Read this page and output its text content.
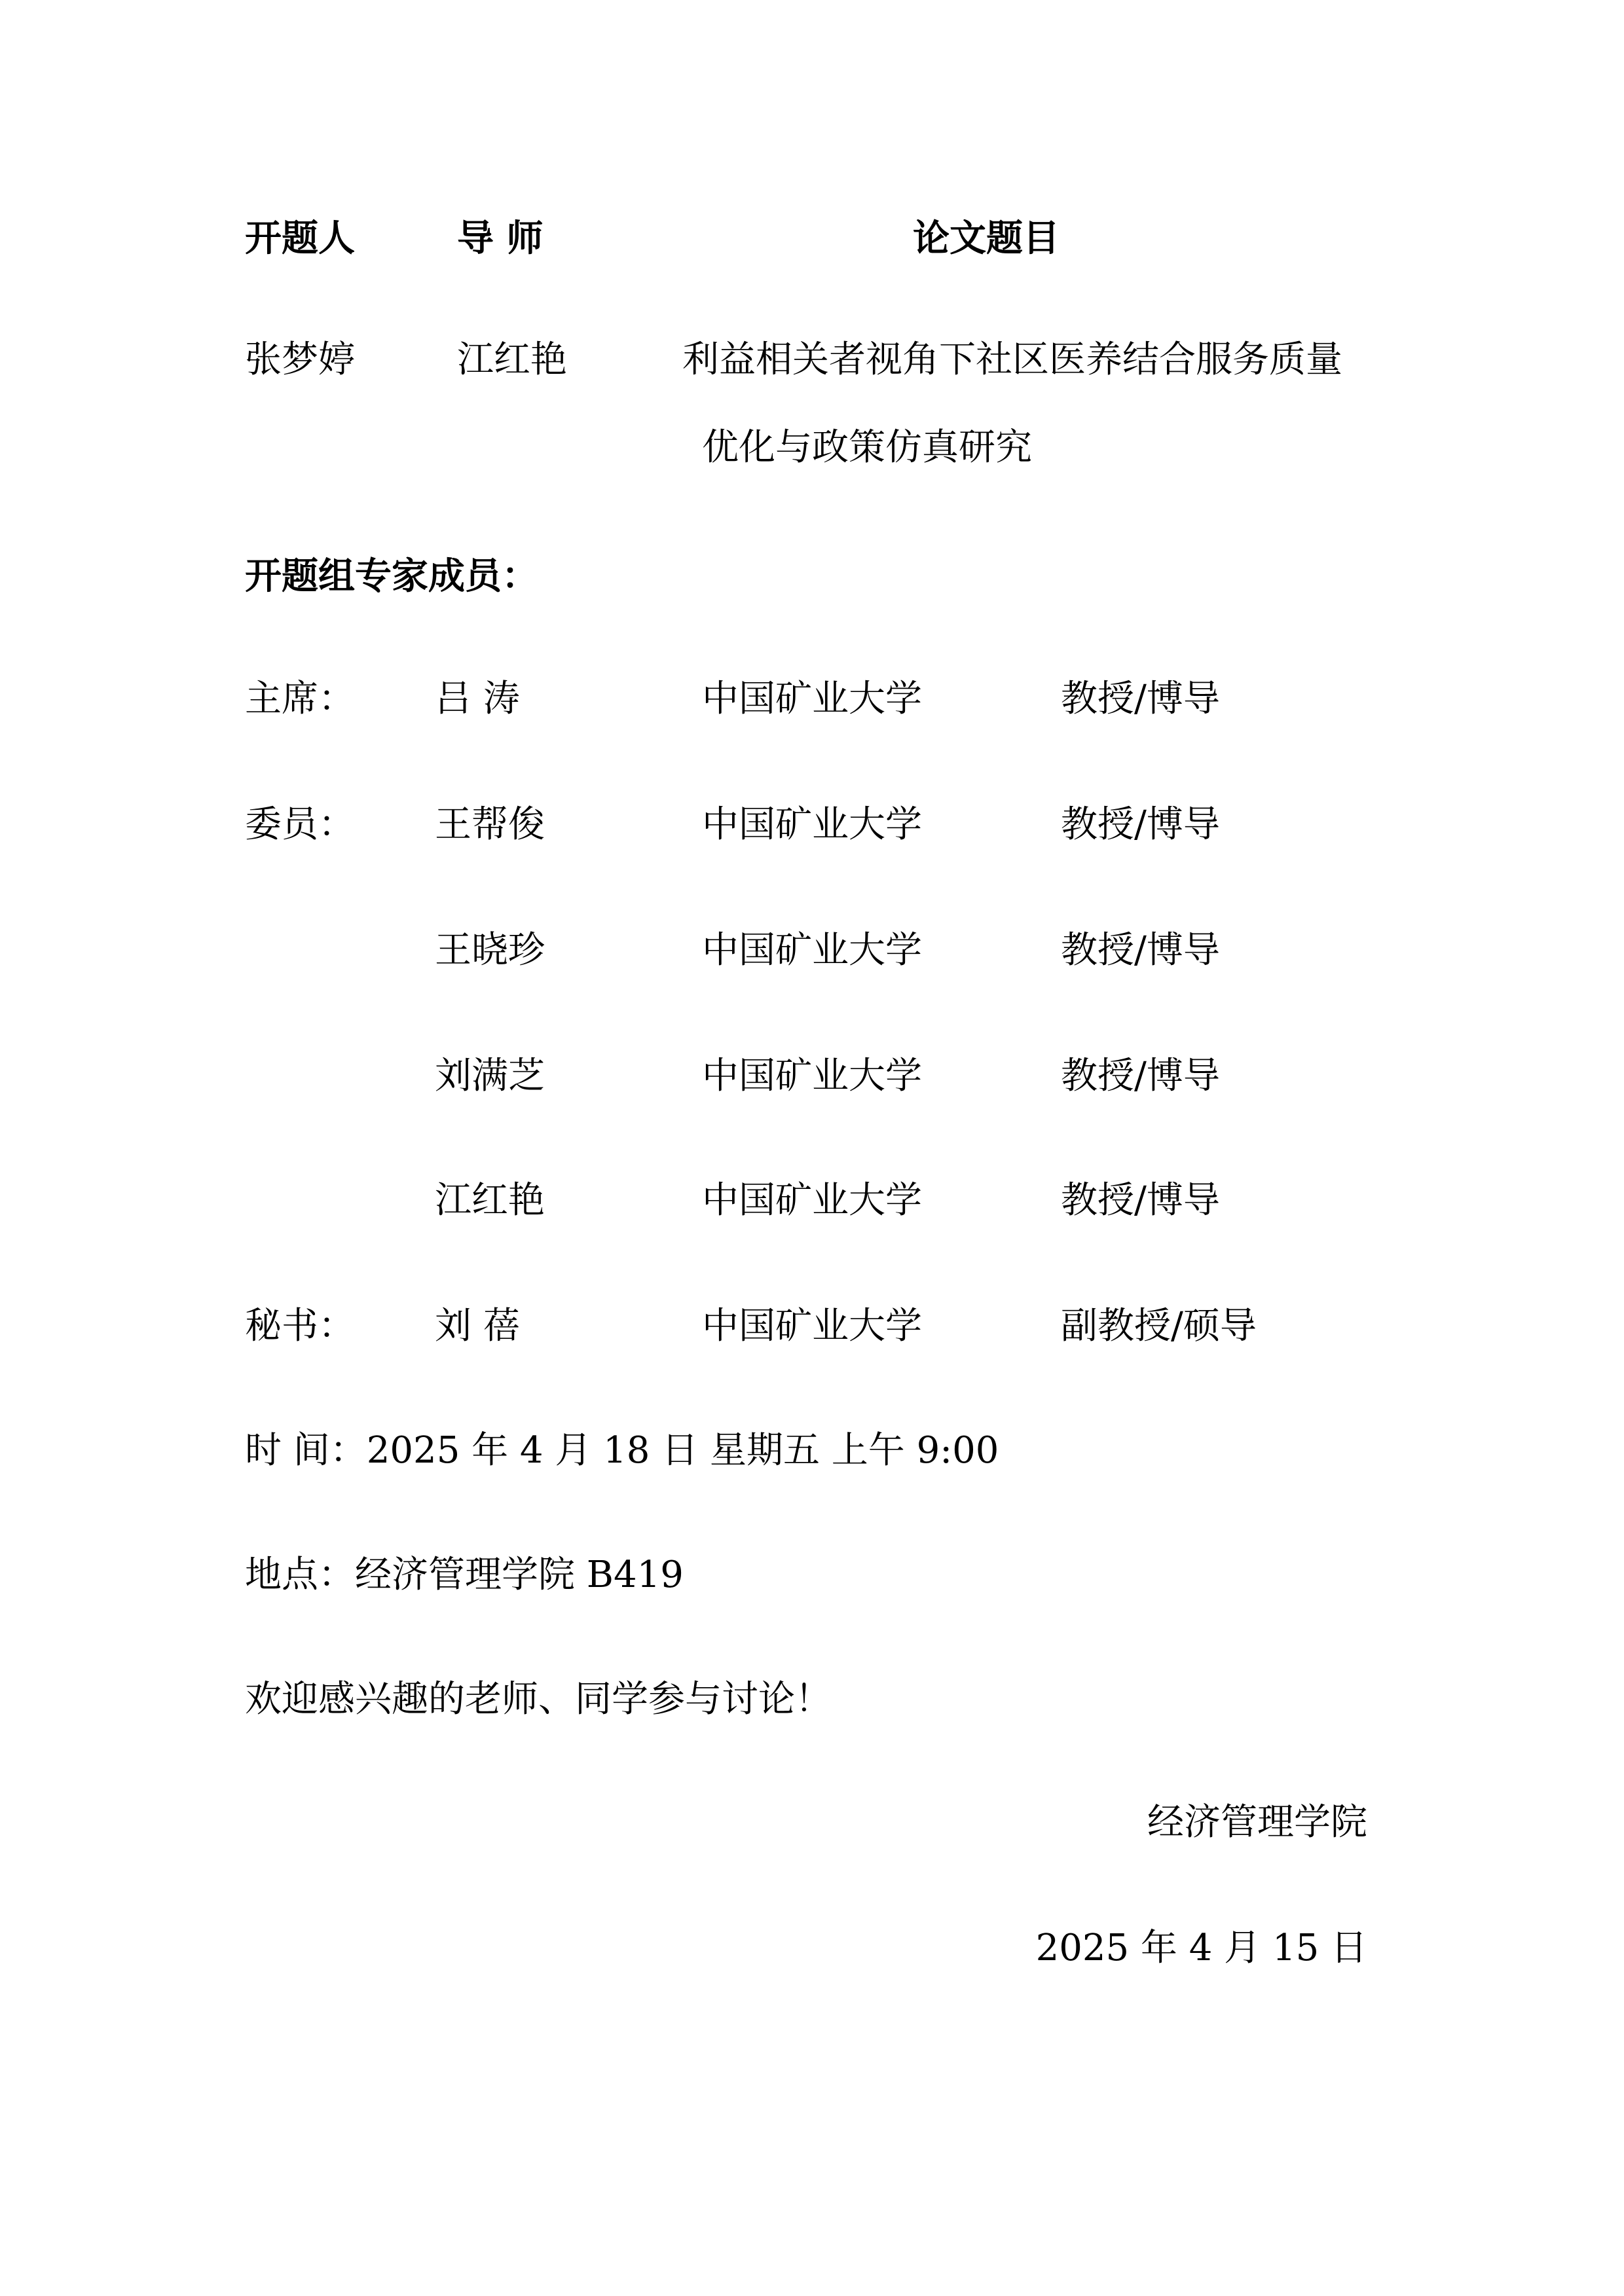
开题人	导 师	论文题目
张梦婷	江红艳	利益相关者视角下社区医养结合服务质量
优化与政策仿真研究
开题组专家成员：
主席： 吕 涛	中国矿业大学	教授/博导
委员： 王帮俊	中国矿业大学	教授/博导
王晓珍	中国矿业大学	教授/博导
刘满芝	中国矿业大学	教授/博导
江红艳	中国矿业大学	教授/博导
秘书： 刘 蓓	中国矿业大学	副教授/硕导
时 间：2025 年 4 月 18 日 星期五 上午 9:00
地点：经济管理学院 B419
欢迎感兴趣的老师、同学参与讨论！
经济管理学院
2025 年 4 月 15 日
